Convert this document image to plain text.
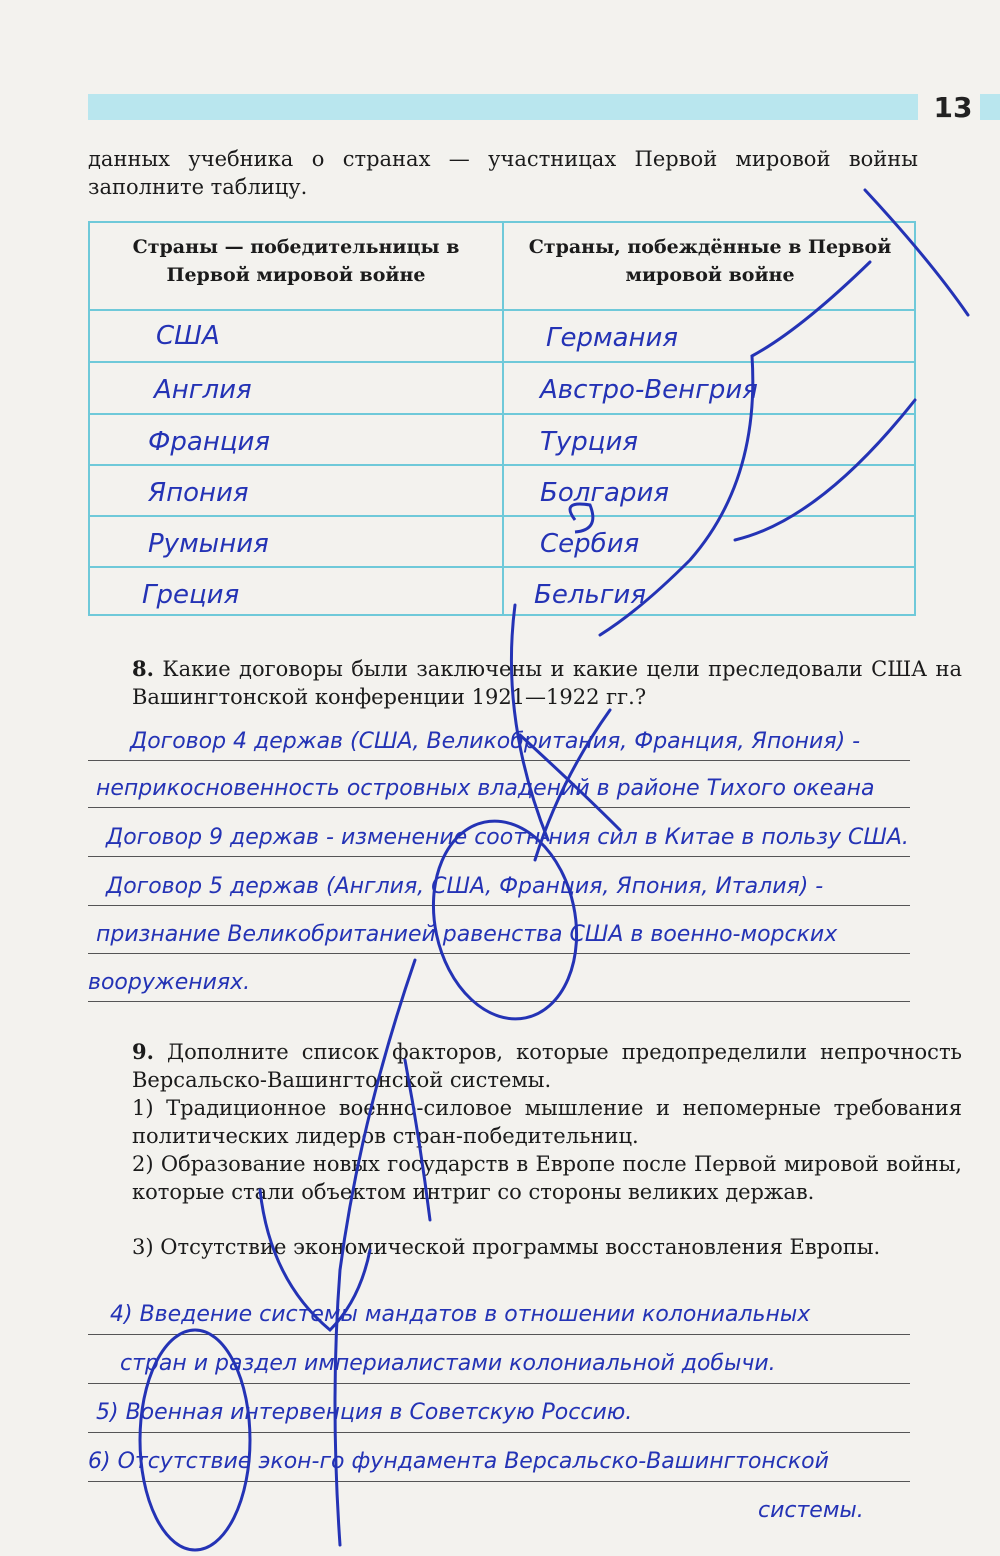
13
данных учебника о странах — участницах Первой мировой войны заполните таблицу.
Страны — победительницы в Первой мировой войне
Страны, побеждённые в Первой мировой войне
США
Англия
Франция
Япония
Румыния
Греция
Германия
Австро-Венгрия
Турция
Болгария
Сербия
Бельгия
8. Какие договоры были заключены и какие цели преследовали США на Вашингтонской конференции 1921—1922 гг.?
Договор 4 держав (США, Великобритания, Франция, Япония) -
неприкосновенность островных владений в районе Тихого океана
Договор 9 держав - изменение соотн-ния сил в Китае в пользу США.
Договор 5 держав (Англия, США, Франция, Япония, Италия) -
признание Великобританией равенства США в военно-морских
вооружениях.
9. Дополните список факторов, которые предопределили непрочность Версальско-Вашингтонской системы.
1) Традиционное военно-силовое мышление и непомерные требования политических лидеров стран-победительниц.
2) Образование новых государств в Европе после Первой мировой войны, которые стали объектом интриг со стороны великих держав.
3) Отсутствие экономической программы восстановления Европы.
4) Введение системы мандатов в отношении колониальных
стран и раздел империалистами колониальной добычи.
5) Военная интервенция в Советскую Россию.
6) Отсутствие экон-го фундамента Версальско-Вашингтонской
системы.
